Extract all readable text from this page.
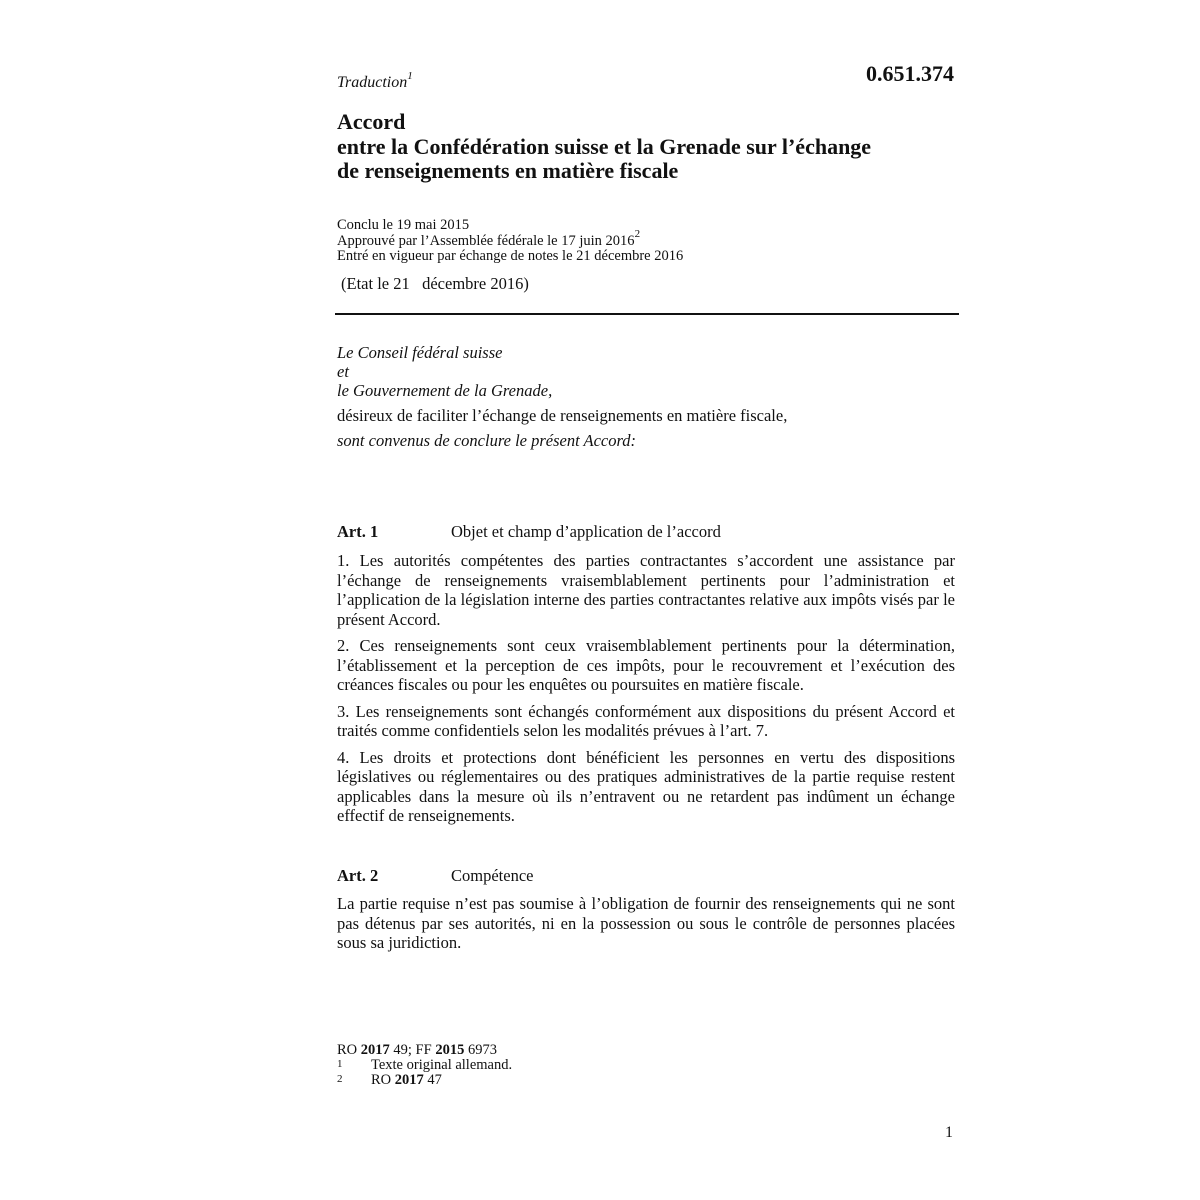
Traduction$^1$	0.651.374
Accord
entre la Confédération suisse et la Grenade sur l’échange
de renseignements en matière fiscale
Conclu le 19 mai 2015
Approuvé par l’Assemblée fédérale le 17 juin 2016$^2$
Entré en vigueur par échange de notes le 21 décembre 2016
(Etat le 21   décembre 2016)
Le Conseil fédéral suisse
et
le Gouvernement de la Grenade,
désireux de faciliter l’échange de renseignements en matière fiscale,
sont convenus de conclure le présent Accord:
Art. 1	Objet et champ d’application de l’accord

1. Les autorités compétentes des parties contractantes s’accordent une assistance par l’échange de renseignements vraisemblablement pertinents pour l’administration et l’application de la législation interne des parties contractantes relative aux impôts visés par le présent Accord.

2. Ces renseignements sont ceux vraisemblablement pertinents pour la détermination, l’établissement et la perception de ces impôts, pour le recouvrement et l’exécution des créances fiscales ou pour les enquêtes ou poursuites en matière fiscale.

3. Les renseignements sont échangés conformément aux dispositions du présent Accord et traités comme confidentiels selon les modalités prévues à l’art. 7.

4. Les droits et protections dont bénéficient les personnes en vertu des dispositions législatives ou réglementaires ou des pratiques administratives de la partie requise restent applicables dans la mesure où ils n’entravent ou ne retardent pas indûment un échange effectif de renseignements.

Art. 2	Compétence

La partie requise n’est pas soumise à l’obligation de fournir des renseignements qui ne sont pas détenus par ses autorités, ni en la possession ou sous le contrôle de personnes placées sous sa juridiction.

RO 2017 49; FF 2015 6973
1	Texte original allemand.
2	RO 2017 47
1
